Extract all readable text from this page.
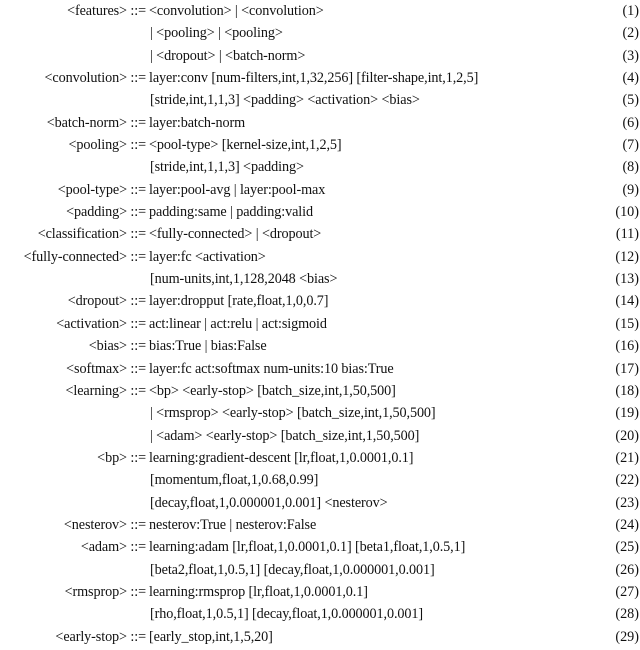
<features> ::= <convolution> | <convolution>	(1)
| <pooling> | <pooling>	(2)
| <dropout> | <batch-norm>	(3)
<convolution> ::= layer:conv [num-filters,int,1,32,256] [filter-shape,int,1,2,5]	(4)
[stride,int,1,1,3] <padding> <activation> <bias>	(5)
<batch-norm> ::= layer:batch-norm	(6)
<pooling> ::= <pool-type> [kernel-size,int,1,2,5]	(7)
[stride,int,1,1,3] <padding>	(8)
<pool-type> ::= layer:pool-avg | layer:pool-max	(9)
<padding> ::= padding:same | padding:valid	(10)
<classification> ::= <fully-connected> | <dropout>	(11)
<fully-connected> ::= layer:fc <activation>	(12)
[num-units,int,1,128,2048 <bias>	(13)
<dropout> ::= layer:dropput [rate,float,1,0,0.7]	(14)
<activation> ::= act:linear | act:relu | act:sigmoid	(15)
<bias> ::= bias:True | bias:False	(16)
<softmax> ::= layer:fc act:softmax num-units:10 bias:True	(17)
<learning> ::= <bp> <early-stop> [batch_size,int,1,50,500]	(18)
| <rmsprop> <early-stop> [batch_size,int,1,50,500]	(19)
| <adam> <early-stop> [batch_size,int,1,50,500]	(20)
<bp> ::= learning:gradient-descent [lr,float,1,0.0001,0.1]	(21)
[momentum,float,1,0.68,0.99]	(22)
[decay,float,1,0.000001,0.001] <nesterov>	(23)
<nesterov> ::= nesterov:True | nesterov:False	(24)
<adam> ::= learning:adam [lr,float,1,0.0001,0.1] [beta1,float,1,0.5,1]	(25)
[beta2,float,1,0.5,1] [decay,float,1,0.000001,0.001]	(26)
<rmsprop> ::= learning:rmsprop [lr,float,1,0.0001,0.1]	(27)
[rho,float,1,0.5,1] [decay,float,1,0.000001,0.001]	(28)
<early-stop> ::= [early_stop,int,1,5,20]	(29)
